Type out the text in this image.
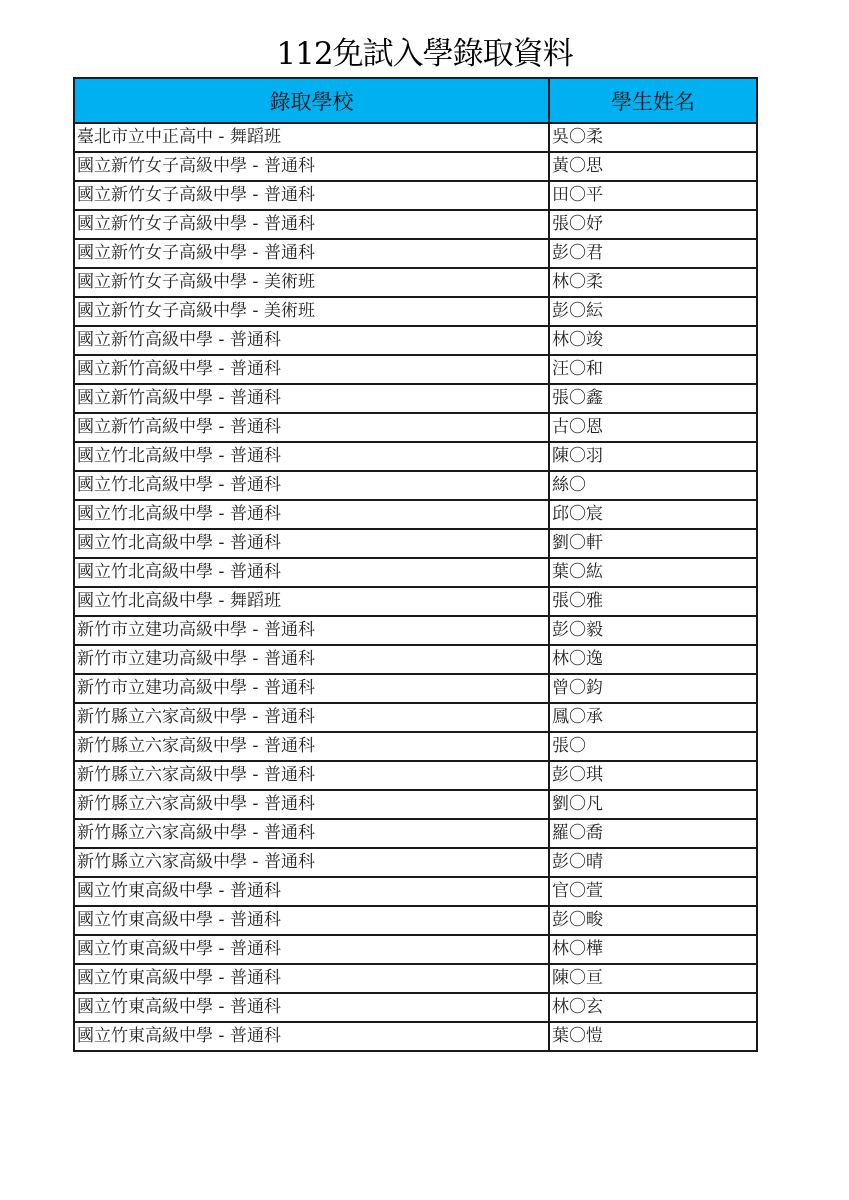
112免試入學錄取資料
錄取學校	學生姓名
臺北市立中正高中 - 舞蹈班	吳〇柔
國立新竹女子高級中學 - 普通科	黃〇思
國立新竹女子高級中學 - 普通科	田〇平
國立新竹女子高級中學 - 普通科	張〇妤
國立新竹女子高級中學 - 普通科	彭〇君
國立新竹女子高級中學 - 美術班	林〇柔
國立新竹女子高級中學 - 美術班	彭〇紜
國立新竹高級中學 - 普通科	林〇竣
國立新竹高級中學 - 普通科	汪〇和
國立新竹高級中學 - 普通科	張〇鑫
國立新竹高級中學 - 普通科	古〇恩
國立竹北高級中學 - 普通科	陳〇羽
國立竹北高級中學 - 普通科	絲〇
國立竹北高級中學 - 普通科	邱〇宸
國立竹北高級中學 - 普通科	劉〇軒
國立竹北高級中學 - 普通科	葉〇紘
國立竹北高級中學 - 舞蹈班	張〇雅
新竹市立建功高級中學 - 普通科	彭〇毅
新竹市立建功高級中學 - 普通科	林〇逸
新竹市立建功高級中學 - 普通科	曾〇鈞
新竹縣立六家高級中學 - 普通科	鳳〇承
新竹縣立六家高級中學 - 普通科	張〇
新竹縣立六家高級中學 - 普通科	彭〇琪
新竹縣立六家高級中學 - 普通科	劉〇凡
新竹縣立六家高級中學 - 普通科	羅〇喬
新竹縣立六家高級中學 - 普通科	彭〇晴
國立竹東高級中學 - 普通科	官〇萱
國立竹東高級中學 - 普通科	彭〇畯
國立竹東高級中學 - 普通科	林〇樺
國立竹東高級中學 - 普通科	陳〇亘
國立竹東高級中學 - 普通科	林〇玄
國立竹東高級中學 - 普通科	葉〇愷
